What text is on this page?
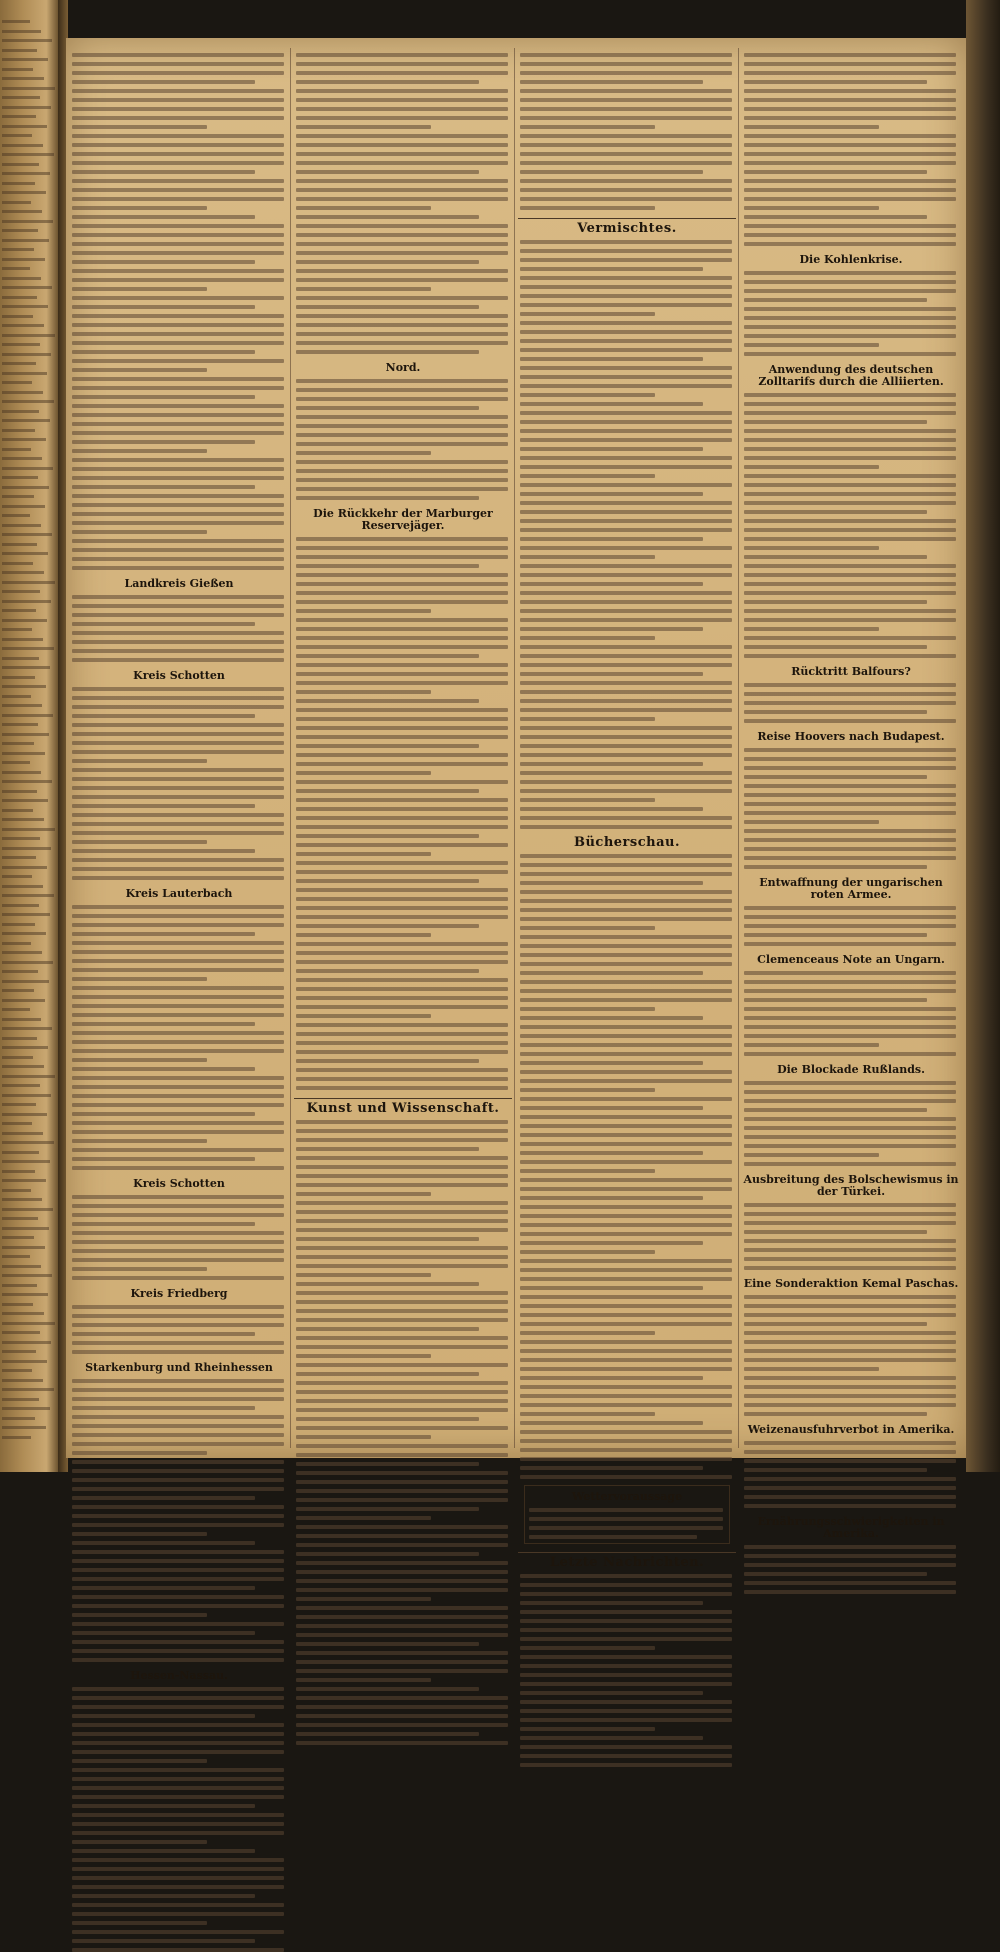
Landkreis Gießen
Kreis Schotten
Kreis Lauterbach
Kreis Schotten
Kreis Friedberg
Starkenburg und Rheinhessen
Hessen-Nassau.
Nord.
Die Rückkehr der Marburger Reservejäger.
Kunst und Wissenschaft.
Vermischtes.
Bücherschau.
Wettervoraussage
Letzte Nachrichten.
Die Kohlenkrise.
Anwendung des deutschen Zolltarifs durch die Alliierten.
Rücktritt Balfours?
Reise Hoovers nach Budapest.
Entwaffnung der ungarischen roten Armee.
Clemenceaus Note an Ungarn.
Die Blockade Rußlands.
Ausbreitung des Bolschewismus in der Türkei.
Eine Sonderaktion Kemal Paschas.
Weizenausfuhrverbot in Amerika.
Ernährungsschwierigkeiten in Amerika.
